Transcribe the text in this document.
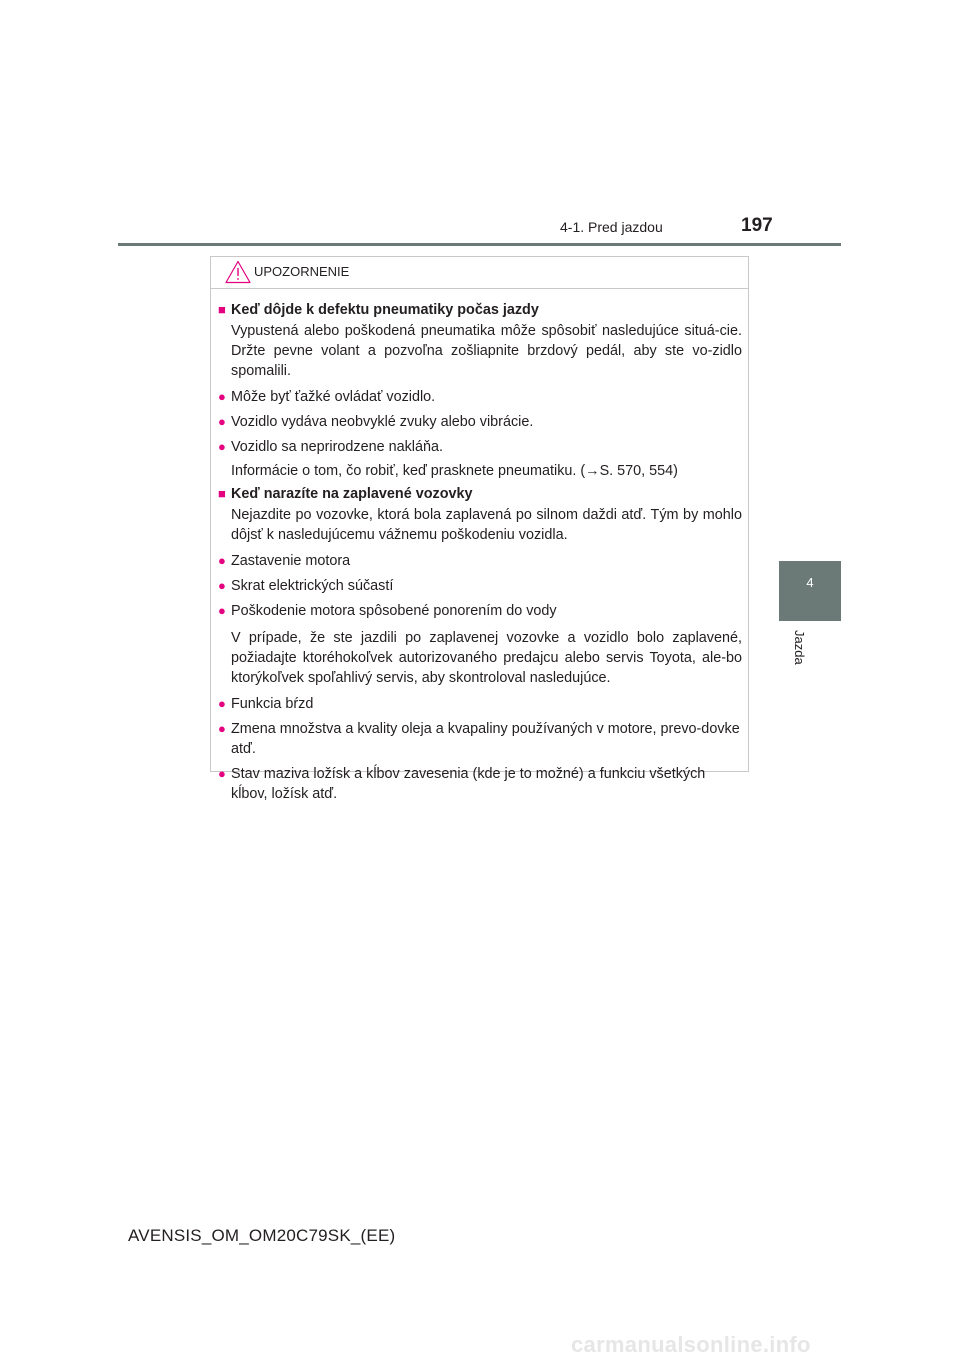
4-1. Pred jazdou	197
4
Jazda
UPOZORNENIE
■ Keď dôjde k defektu pneumatiky počas jazdy
Vypustená alebo poškodená pneumatika môže spôsobiť nasledujúce situá-cie. Držte pevne volant a pozvoľna zošliapnite brzdový pedál, aby ste vo-zidlo spomalili.
● Môže byť ťažké ovládať vozidlo.
● Vozidlo vydáva neobvyklé zvuky alebo vibrácie.
● Vozidlo sa neprirodzene nakláňa.
Informácie o tom, čo robiť, keď prasknete pneumatiku. (→S. 570, 554)
■ Keď narazíte na zaplavené vozovky
Nejazdite po vozovke, ktorá bola zaplavená po silnom daždi atď. Tým by mohlo dôjsť k nasledujúcemu vážnemu poškodeniu vozidla.
● Zastavenie motora
● Skrat elektrických súčastí
● Poškodenie motora spôsobené ponorením do vody
V prípade, že ste jazdili po zaplavenej vozovke a vozidlo bolo zaplavené, požiadajte ktoréhokoľvek autorizovaného predajcu alebo servis Toyota, ale-bo ktorýkoľvek spoľahlivý servis, aby skontroloval nasledujúce.
● Funkcia bŕzd
● Zmena množstva a kvality oleja a kvapaliny používaných v motore, prevo-dovke atď.
● Stav maziva ložísk a kĺbov zavesenia (kde je to možné) a funkciu všetkých kĺbov, ložísk atď.
AVENSIS_OM_OM20C79SK_(EE)
carmanualsonline.info
